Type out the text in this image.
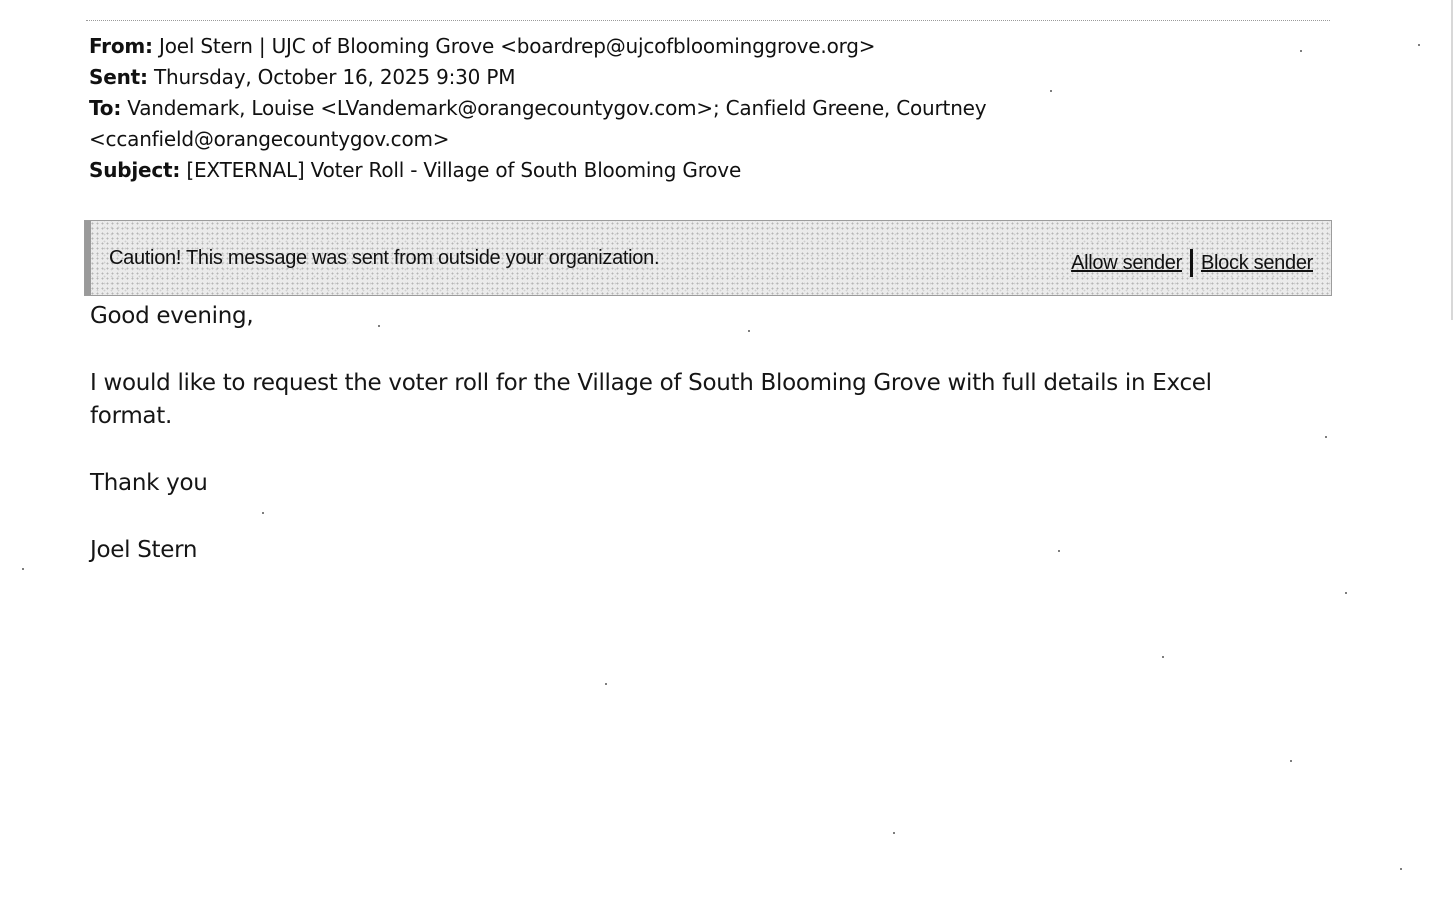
From: Joel Stern | UJC of Blooming Grove <boardrep@ujcofbloominggrove.org>
Sent: Thursday, October 16, 2025 9:30 PM
To: Vandemark, Louise <LVandemark@orangecountygov.com>; Canfield Greene, Courtney
<ccanfield@orangecountygov.com>
Subject: [EXTERNAL] Voter Roll - Village of South Blooming Grove
Caution! This message was sent from outside your organization.	Allow sender Block sender

Good evening,

I would like to request the voter roll for the Village of South Blooming Grove with full details in Excel

format.

Thank you

Joel Stern
